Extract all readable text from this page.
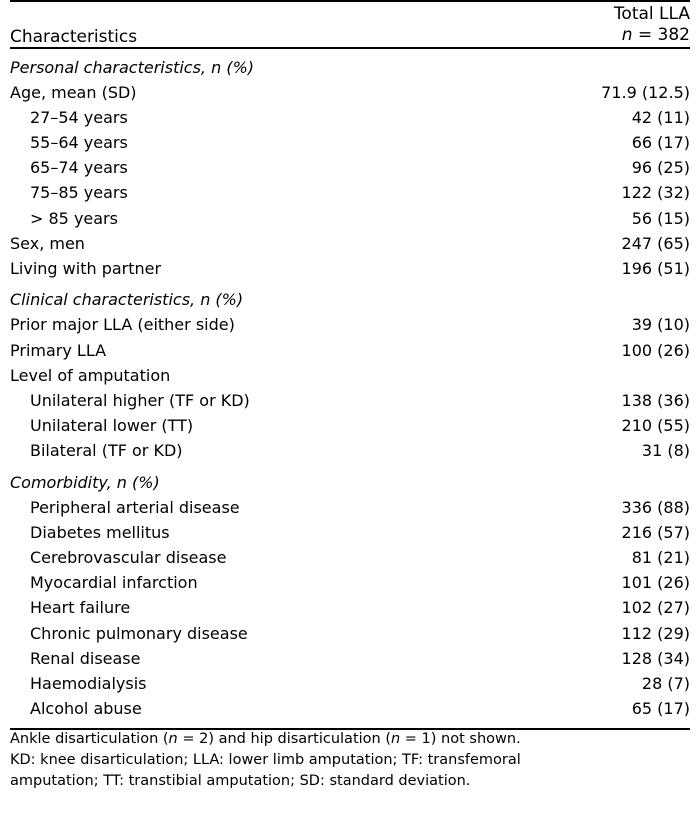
Characteristics	Total LLA
n = 382

Personal characteristics, n (%)	
Age, mean (SD)	71.9 (12.5)
27–54 years	42 (11)
55–64 years	66 (17)
65–74 years	96 (25)
75–85 years	122 (32)
> 85 years	56 (15)
Sex, men	247 (65)
Living with partner	196 (51)
Clinical characteristics, n (%)	
Prior major LLA (either side)	39 (10)
Primary LLA	100 (26)
Level of amputation	
Unilateral higher (TF or KD)	138 (36)
Unilateral lower (TT)	210 (55)
Bilateral (TF or KD)	31 (8)
Comorbidity, n (%)	
Peripheral arterial disease	336 (88)
Diabetes mellitus	216 (57)
Cerebrovascular disease	81 (21)
Myocardial infarction	101 (26)
Heart failure	102 (27)
Chronic pulmonary disease	112 (29)
Renal disease	128 (34)
Haemodialysis	28 (7)
Alcohol abuse	65 (17)

Ankle disarticulation (n = 2) and hip disarticulation (n = 1) not shown.
KD: knee disarticulation; LLA: lower limb amputation; TF: transfemoral
amputation; TT: transtibial amputation; SD: standard deviation.	
